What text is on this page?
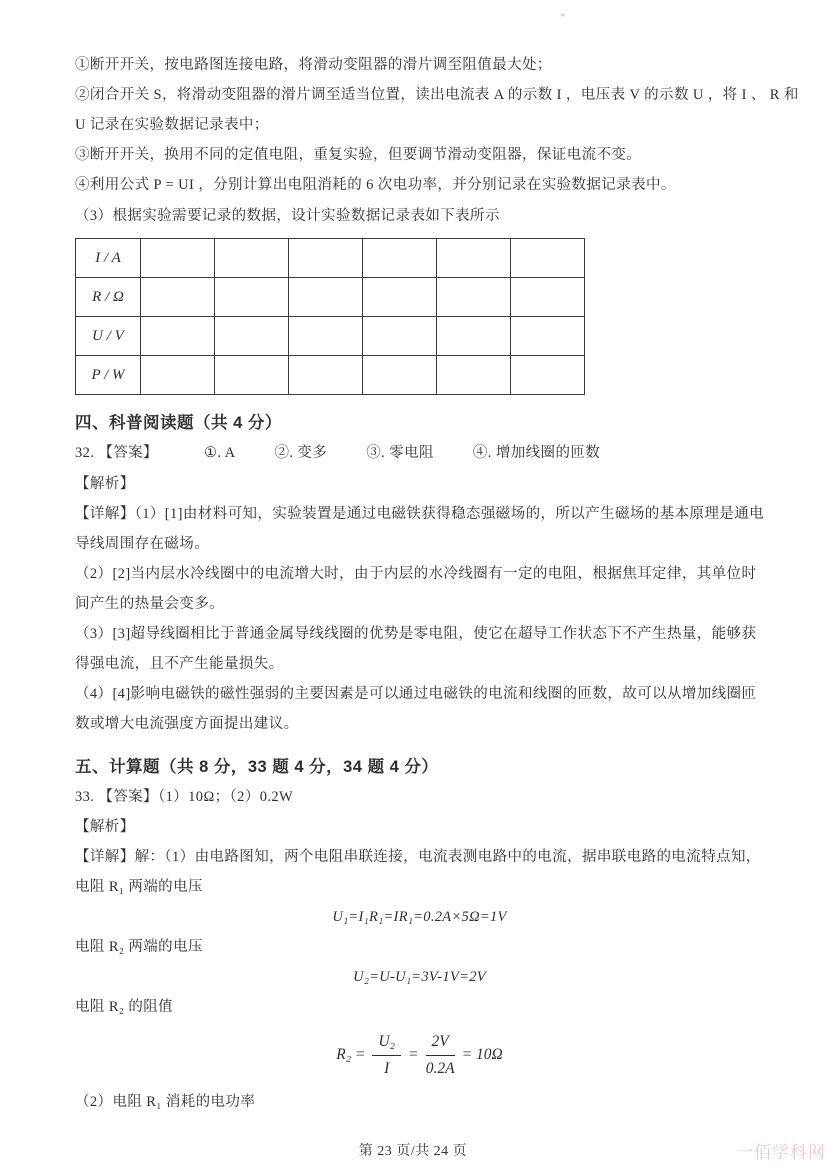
٭
①断开开关，按电路图连接电路，将滑动变阻器的滑片调至阻值最大处；
②闭合开关 S，将滑动变阻器的滑片调至适当位置，读出电流表 A 的示数 I ，电压表 V 的示数 U ，将 I 、 R 和
U 记录在实验数据记录表中；
③断开开关，换用不同的定值电阻，重复实验，但要调节滑动变阻器，保证电流不变。
④利用公式 P = UI ，分别计算出电阻消耗的 6 次电功率，并分别记录在实验数据记录表中。
（3）根据实验需要记录的数据，设计实验数据记录表如下表所示
I / A						
R / Ω						
U / V						
P / W						
四、科普阅读题（共 4 分）
32. 【答案】	①. A	②. 变多	③. 零电阻	④. 增加线圈的匝数
【解析】
【详解】（1）[1]由材料可知，实验装置是通过电磁铁获得稳态强磁场的，所以产生磁场的基本原理是通电
导线周围存在磁场。
（2）[2]当内层水冷线圈中的电流增大时，由于内层的水冷线圈有一定的电阻，根据焦耳定律，其单位时
间产生的热量会变多。
（3）[3]超导线圈相比于普通金属导线线圈的优势是零电阻，使它在超导工作状态下不产生热量，能够获
得强电流，且不产生能量损失。
（4）[4]影响电磁铁的磁性强弱的主要因素是可以通过电磁铁的电流和线圈的匝数，故可以从增加线圈匝
数或增大电流强度方面提出建议。
五、计算题（共 8 分，33 题 4 分，34 题 4 分）
33. 【答案】（1）10Ω；（2）0.2W
【解析】
【详解】解：（1）由电路图知，两个电阻串联连接，电流表测电路中的电流，据串联电路的电流特点知，
电阻 R₁ 两端的电压
U₁=I₁R₁=IR₁=0.2A×5Ω=1V
电阻 R₂ 两端的电压
U₂=U-U₁=3V-1V=2V
电阻 R₂ 的阻值
$R_2 = \frac{\text{U₂}}{I} = \frac{2V}{0.2A} = 10\Omega$
（2）电阻 R₁ 消耗的电功率
第 23 页/共 24 页	一佰学科网
